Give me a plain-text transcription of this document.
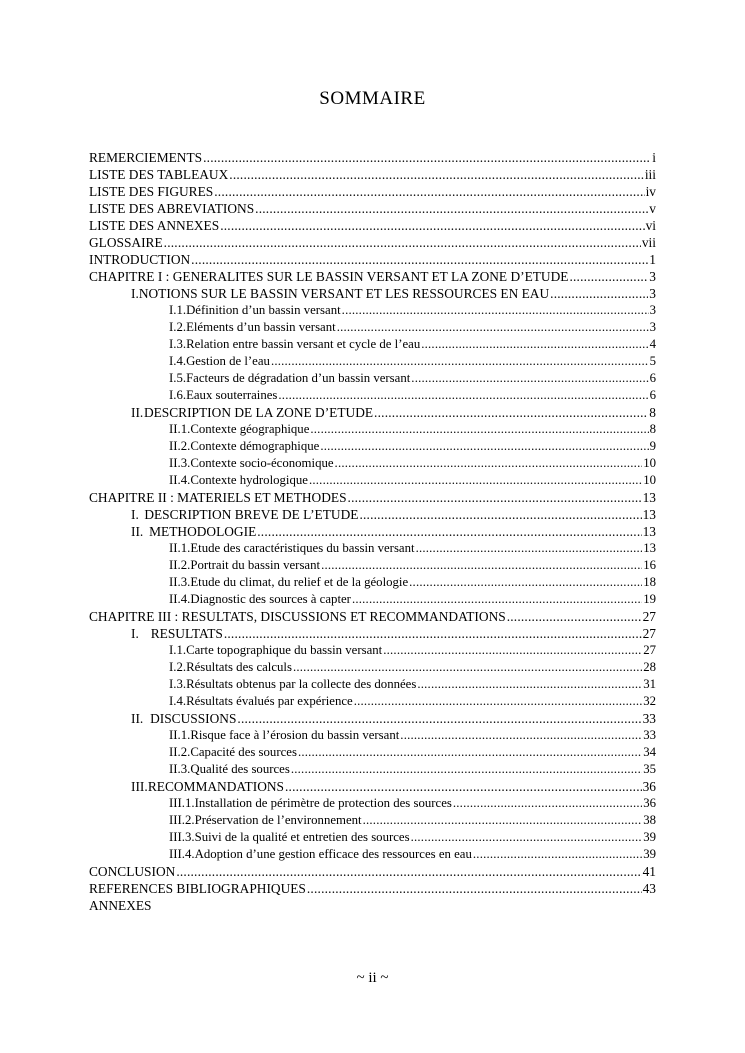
SOMMAIRE
REMERCIEMENTS .....	i
LISTE DES TABLEAUX .....	iii
LISTE DES FIGURES .....	iv
LISTE DES ABREVIATIONS .....	v
LISTE DES ANNEXES .....	vi
GLOSSAIRE .....	vii
INTRODUCTION .....	1
CHAPITRE I : GENERALITES SUR LE BASSIN VERSANT ET LA ZONE D’ETUDE .....	3
I. NOTIONS SUR LE BASSIN VERSANT ET LES RESSOURCES EN EAU .....	3
I.1. Définition d’un bassin versant .....	3
I.2. Eléments d’un bassin versant .....	3
I.3. Relation entre bassin versant et cycle de l’eau .....	4
I.4. Gestion de l’eau .....	5
I.5. Facteurs de dégradation d’un bassin versant .....	6
I.6. Eaux souterraines .....	6
II. DESCRIPTION DE LA ZONE D’ETUDE .....	8
II.1. Contexte géographique .....	8
II.2. Contexte démographique .....	9
II.3. Contexte socio-économique .....	10
II.4. Contexte hydrologique .....	10
CHAPITRE II : MATERIELS ET METHODES .....	13
I. DESCRIPTION BREVE DE L’ETUDE .....	13
II. METHODOLOGIE .....	13
II.1. Etude des caractéristiques du bassin versant .....	13
II.2. Portrait du bassin versant .....	16
II.3. Etude du climat, du relief et de la géologie .....	18
II.4. Diagnostic des sources à capter .....	19
CHAPITRE III : RESULTATS, DISCUSSIONS ET RECOMMANDATIONS .....	27
I. RESULTATS .....	27
I.1. Carte topographique du bassin versant .....	27
I.2. Résultats des calculs .....	28
I.3. Résultats obtenus par la collecte des données .....	31
I.4. Résultats évalués par expérience .....	32
II. DISCUSSIONS .....	33
II.1. Risque face à l’érosion du bassin versant .....	33
II.2. Capacité des sources .....	34
II.3. Qualité des sources .....	35
III. RECOMMANDATIONS .....	36
III.1. Installation de périmètre de protection des sources .....	36
III.2. Préservation de l’environnement .....	38
III.3. Suivi de la qualité et entretien des sources .....	39
III.4. Adoption d’une gestion efficace des ressources en eau .....	39
CONCLUSION .....	41
REFERENCES BIBLIOGRAPHIQUES .....	43
ANNEXES
~ ii ~
